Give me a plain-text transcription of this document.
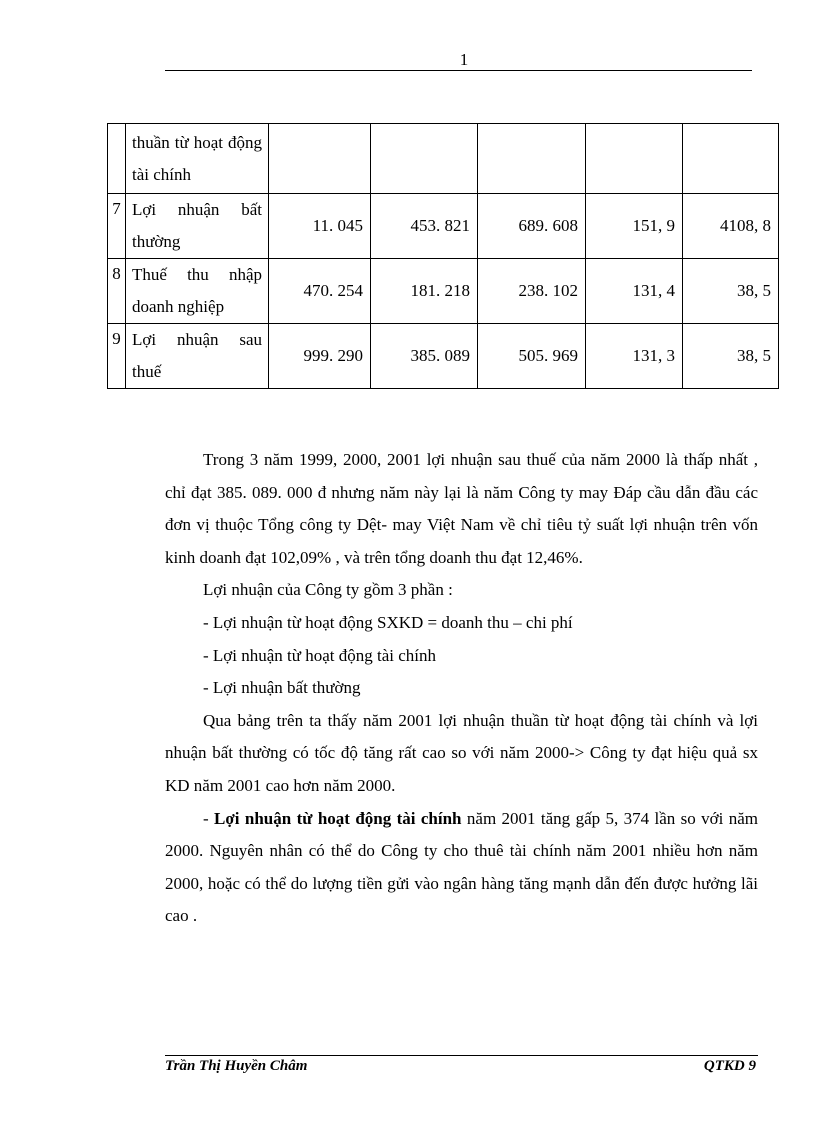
1
	thuần từ hoạt động tài chính					
7	Lợi nhuận bất thường	11. 045	453. 821	689. 608	151, 9	4108, 8
8	Thuế thu nhập doanh nghiệp	470. 254	181. 218	238. 102	131, 4	38, 5
9	Lợi nhuận sau thuế	999. 290	385. 089	505. 969	131, 3	38, 5

Trong 3 năm 1999, 2000, 2001 lợi nhuận sau thuế của năm 2000 là thấp nhất , chỉ đạt 385. 089. 000 đ nhưng năm này lại là năm Công ty may Đáp cầu dẫn đầu các đơn vị thuộc Tổng công ty Dệt- may Việt Nam về chỉ tiêu tỷ suất lợi nhuận trên vốn kinh doanh đạt 102,09% , và trên tổng doanh thu đạt 12,46%.

Lợi nhuận của Công ty gồm 3 phần :

- Lợi nhuận từ hoạt động SXKD = doanh thu – chi phí

- Lợi nhuận từ hoạt động tài chính

- Lợi nhuận bất thường

Qua bảng trên ta thấy năm 2001 lợi nhuận thuần từ hoạt động tài chính và lợi nhuận bất thường có tốc độ tăng rất cao so với năm 2000-> Công ty đạt hiệu quả sx KD năm 2001 cao hơn năm 2000.

- Lợi nhuận từ hoạt động tài chính năm 2001 tăng gấp 5, 374 lần so với năm 2000. Nguyên nhân có thể do Công ty cho thuê tài chính năm 2001 nhiều hơn năm 2000, hoặc có thể do lượng tiền gửi vào ngân hàng tăng mạnh dẫn đến được hưởng lãi cao .

Trần Thị Huyền Châm	QTKD 9
